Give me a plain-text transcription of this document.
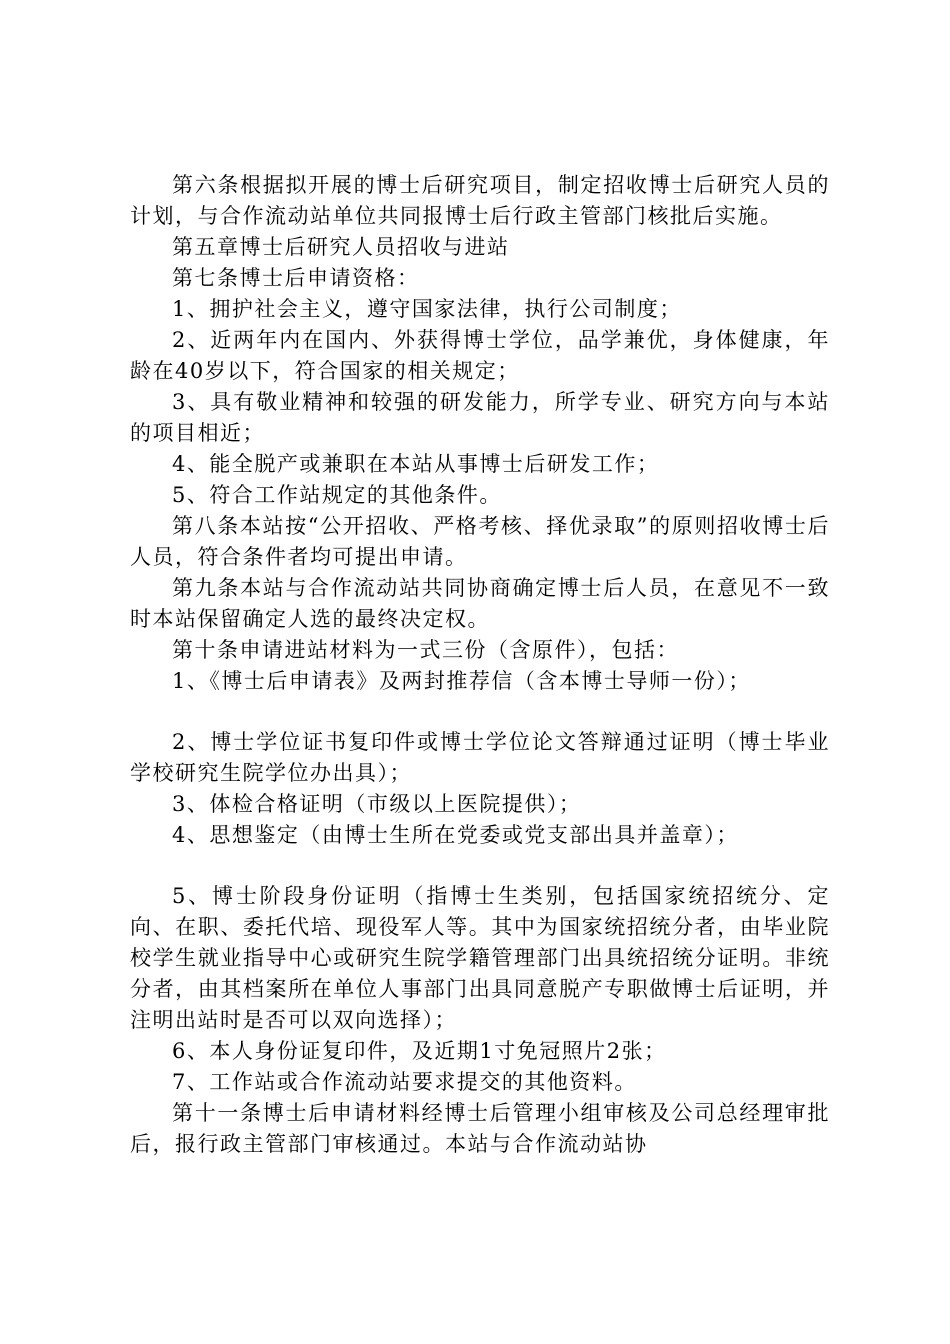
第六条根据拟开展的博士后研究项目，制定招收博士后研究人员的计划，与合作流动站单位共同报博士后行政主管部门核批后实施。

第五章博士后研究人员招收与进站

第七条博士后申请资格：

1、拥护社会主义，遵守国家法律，执行公司制度；

2、近两年内在国内、外获得博士学位，品学兼优，身体健康，年龄在40岁以下，符合国家的相关规定；

3、具有敬业精神和较强的研发能力，所学专业、研究方向与本站的项目相近；

4、能全脱产或兼职在本站从事博士后研发工作；

5、符合工作站规定的其他条件。

第八条本站按“公开招收、严格考核、择优录取”的原则招收博士后人员，符合条件者均可提出申请。

第九条本站与合作流动站共同协商确定博士后人员，在意见不一致时本站保留确定人选的最终决定权。

第十条申请进站材料为一式三份（含原件），包括：

1、《博士后申请表》及两封推荐信（含本博士导师一份）；

2、博士学位证书复印件或博士学位论文答辩通过证明（博士毕业学校研究生院学位办出具）；

3、体检合格证明（市级以上医院提供）；

4、思想鉴定（由博士生所在党委或党支部出具并盖章）；

5、博士阶段身份证明（指博士生类别，包括国家统招统分、定向、在职、委托代培、现役军人等。其中为国家统招统分者，由毕业院校学生就业指导中心或研究生院学籍管理部门出具统招统分证明。非统分者，由其档案所在单位人事部门出具同意脱产专职做博士后证明，并注明出站时是否可以双向选择）；

6、本人身份证复印件，及近期1寸免冠照片2张；

7、工作站或合作流动站要求提交的其他资料。

第十一条博士后申请材料经博士后管理小组审核及公司总经理审批后，报行政主管部门审核通过。本站与合作流动站协
